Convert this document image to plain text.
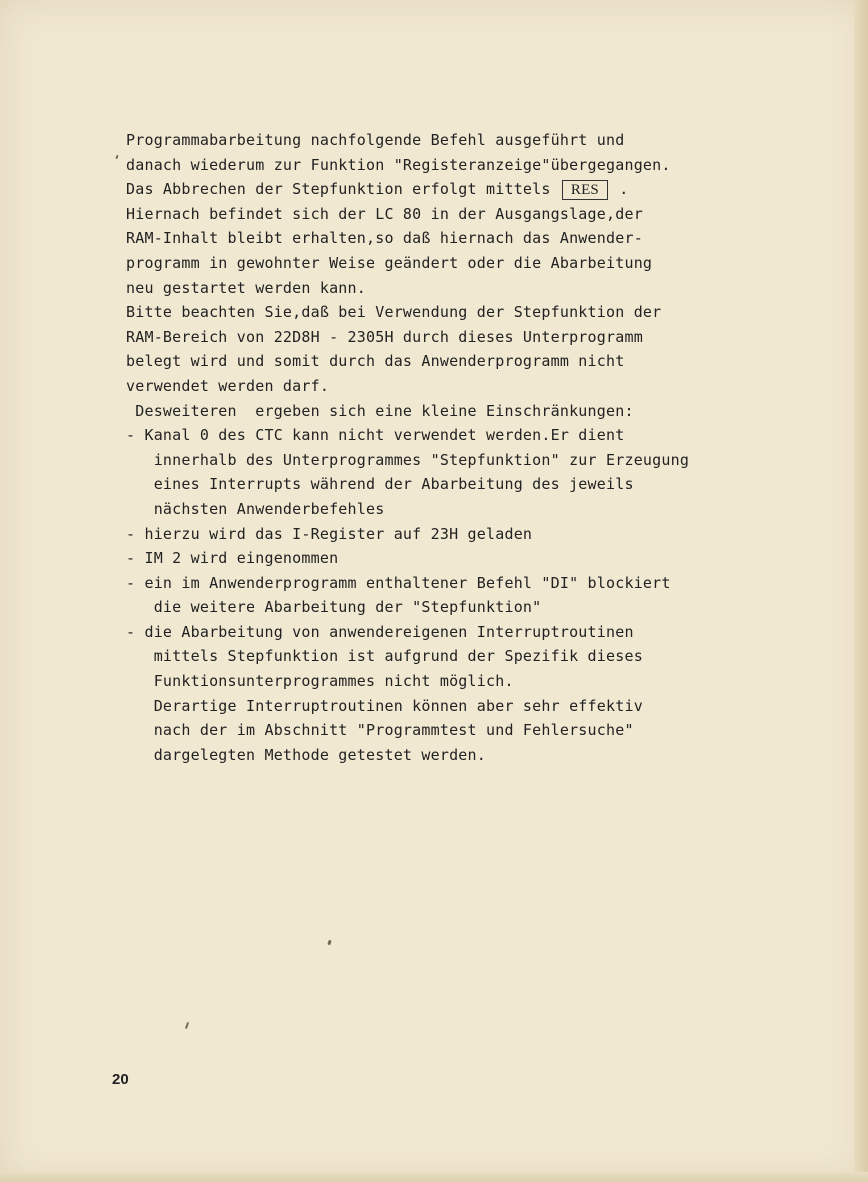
Programmabarbeitung nachfolgende Befehl ausgeführt und
danach wiederum zur Funktion "Registeranzeige"übergegangen.
Das Abbrechen der Stepfunktion erfolgt mittels RES .
Hiernach befindet sich der LC 80 in der Ausgangslage,der
RAM-Inhalt bleibt erhalten,so daß hiernach das Anwender-
programm in gewohnter Weise geändert oder die Abarbeitung
neu gestartet werden kann.
Bitte beachten Sie,daß bei Verwendung der Stepfunktion der
RAM-Bereich von 22D8H - 2305H durch dieses Unterprogramm
belegt wird und somit durch das Anwenderprogramm nicht
verwendet werden darf.
Desweiteren  ergeben sich eine kleine Einschränkungen:
- Kanal 0 des CTC kann nicht verwendet werden.Er dient
innerhalb des Unterprogrammes "Stepfunktion" zur Erzeugung
eines Interrupts während der Abarbeitung des jeweils
nächsten Anwenderbefehles
- hierzu wird das I-Register auf 23H geladen
- IM 2 wird eingenommen
- ein im Anwenderprogramm enthaltener Befehl "DI" blockiert
die weitere Abarbeitung der "Stepfunktion"
- die Abarbeitung von anwendereigenen Interruptroutinen
mittels Stepfunktion ist aufgrund der Spezifik dieses
Funktionsunterprogrammes nicht möglich.
Derartige Interruptroutinen können aber sehr effektiv
nach der im Abschnitt "Programmtest und Fehlersuche"
dargelegten Methode getestet werden.
20
